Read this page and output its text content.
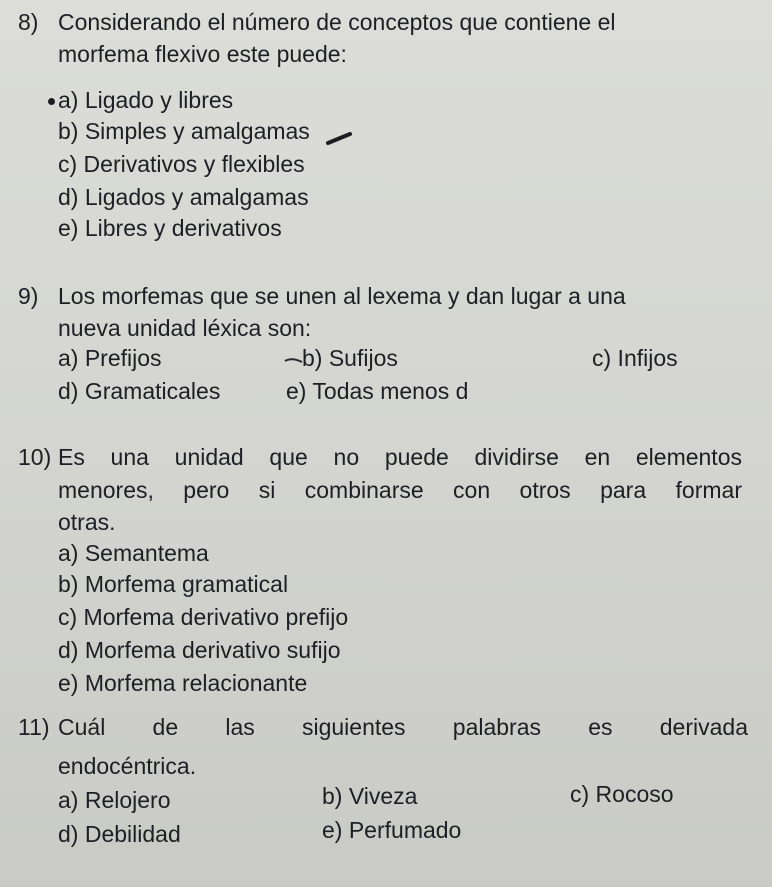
8) Considerando el número de conceptos que contiene el
morfema flexivo este puede:
a) Ligado y libres
b) Simples y amalgamas
c) Derivativos y flexibles
d) Ligados y amalgamas
e) Libres y derivativos
9) Los morfemas que se unen al lexema y dan lugar a una
nueva unidad léxica son:
a) Prefijos	b) Sufijos	c) Infijos
d) Gramaticales	e) Todas menos d
10) Es una unidad que no puede dividirse en elementos
menores, pero si combinarse con otros para formar
otras.
a) Semantema
b) Morfema gramatical
c) Morfema derivativo prefijo
d) Morfema derivativo sufijo
e) Morfema relacionante
11) Cuál de las siguientes palabras es derivada
endocéntrica.
a) Relojero	b) Viveza	c) Rocoso
d) Debilidad	e) Perfumado
